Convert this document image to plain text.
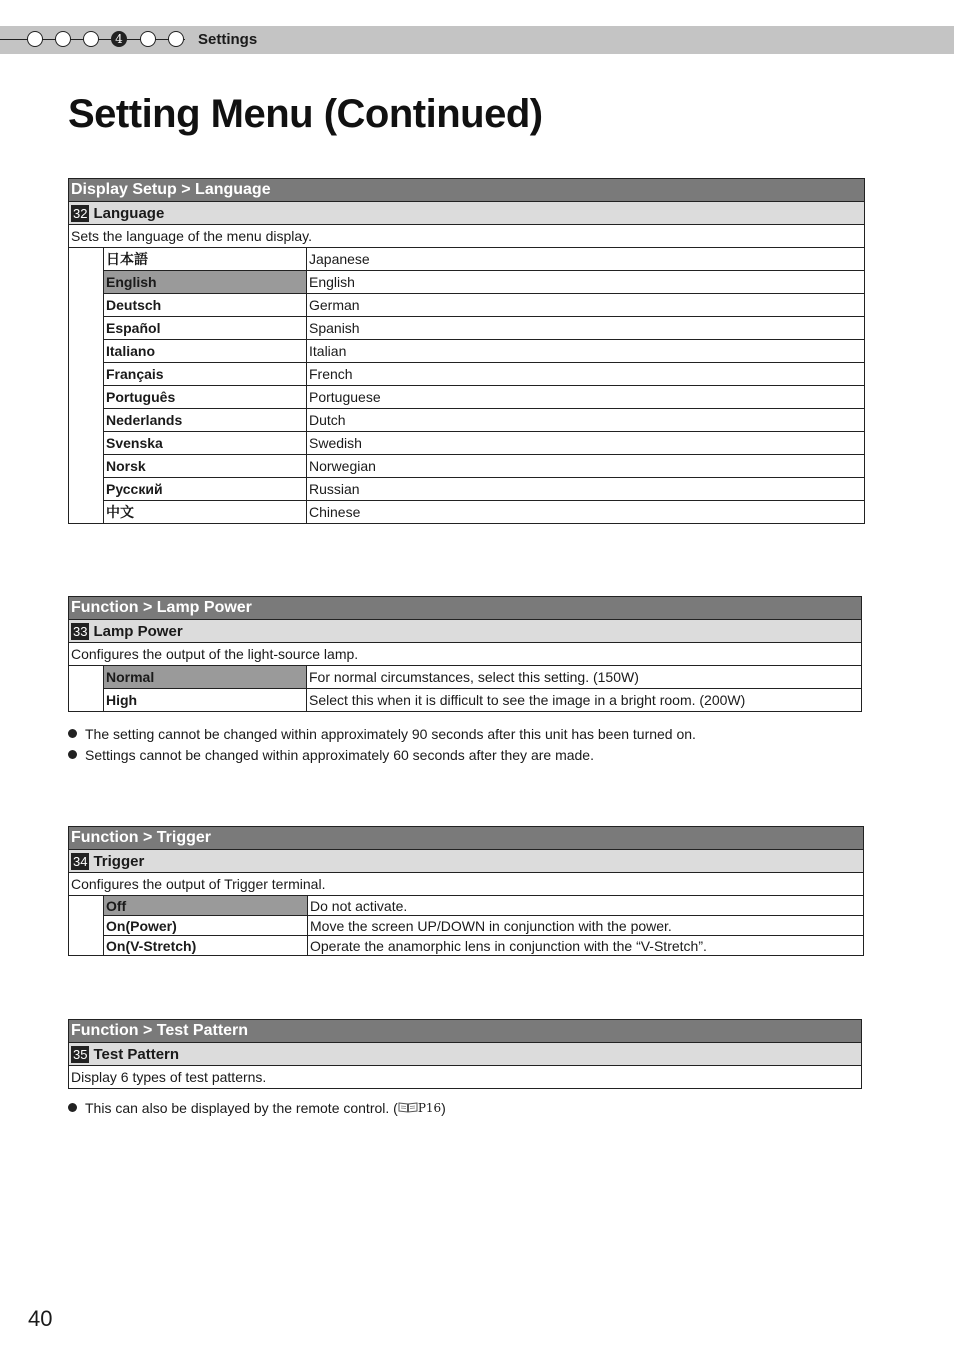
4	Settings
Setting Menu (Continued)
Display Setup > Language		
32 Language		
Sets the language of the menu display.		
	日本語	Japanese
	English	English
	Deutsch	German
	Español	Spanish
	Italiano	Italian
	Français	French
	Português	Portuguese
	Nederlands	Dutch
	Svenska	Swedish
	Norsk	Norwegian
	Русский	Russian
	中文	Chinese
Function > Lamp Power		
33 Lamp Power		
Configures the output of the light-source lamp.		
	Normal	For normal circumstances, select this setting. (150W)
	High	Select this when it is difficult to see the image in a bright room. (200W)
The setting cannot be changed within approximately 90 seconds after this unit has been turned on.
Settings cannot be changed within approximately 60 seconds after they are made.
Function > Trigger		
34 Trigger		
Configures the output of Trigger terminal.		
	Off	Do not activate.
	On(Power)	Move the screen UP/DOWN in conjunction with the power.
	On(V-Stretch)	Operate the anamorphic lens in conjunction with the “V-Stretch”.
Function > Test Pattern
35 Test Pattern
Display 6 types of test patterns.
This can also be displayed by the remote control. ( P16 )
40
